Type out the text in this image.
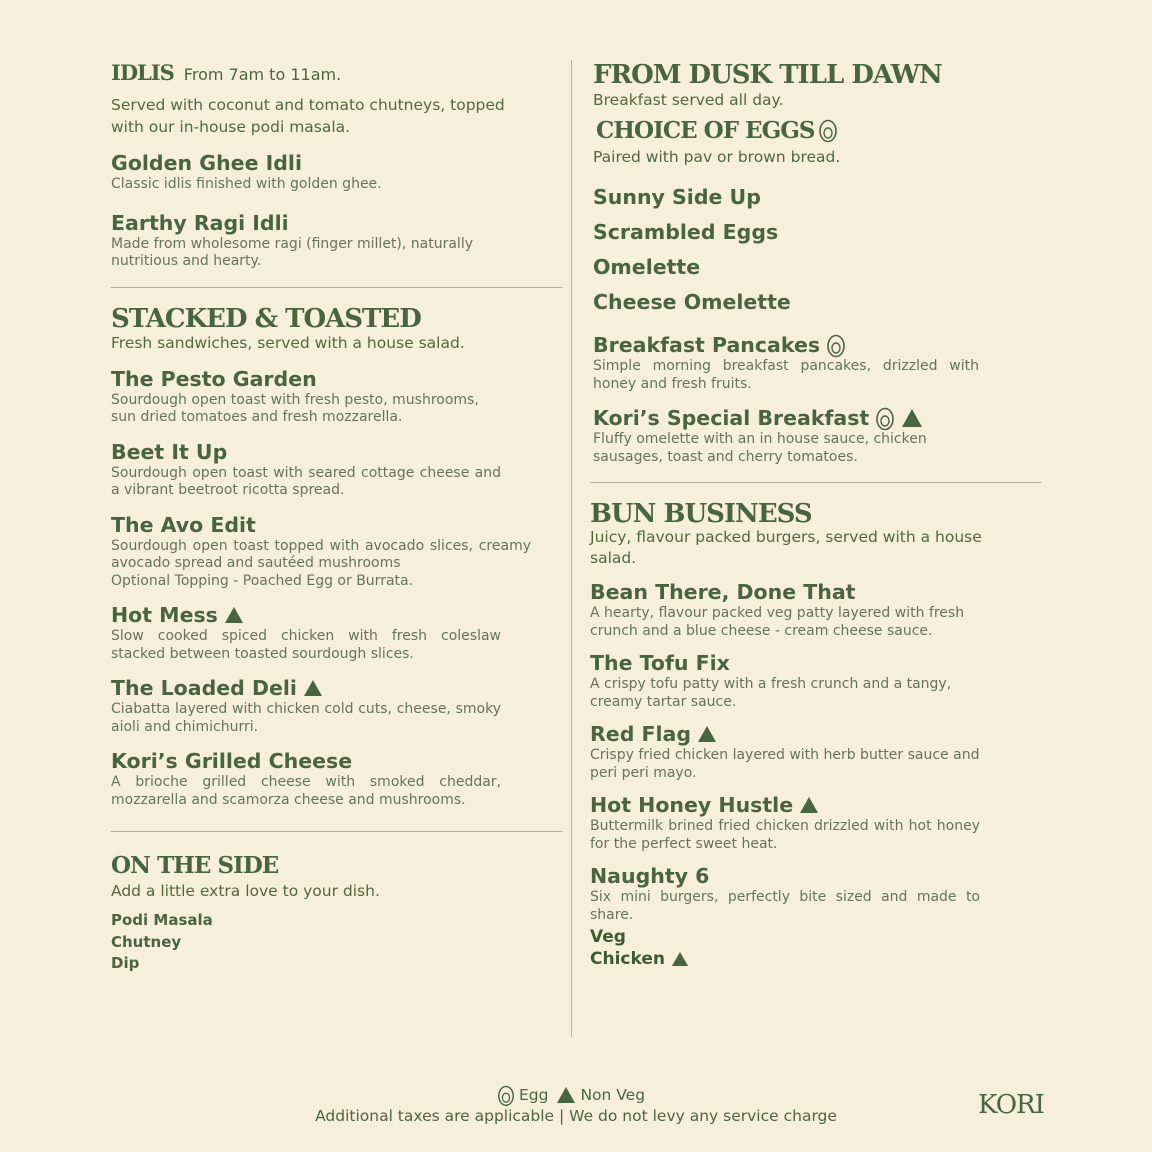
IDLIS From 7am to 11am.
Served with coconut and tomato chutneys, topped with our in-house podi masala.
Golden Ghee Idli
Classic idlis finished with golden ghee.
Earthy Ragi Idli
Made from wholesome ragi (finger millet), naturally nutritious and hearty.
STACKED & TOASTED
Fresh sandwiches, served with a house salad.
The Pesto Garden
Sourdough open toast with fresh pesto, mushrooms, sun dried tomatoes and fresh mozzarella.
Beet It Up
Sourdough open toast with seared cottage cheese and a vibrant beetroot ricotta spread.
The Avo Edit
Sourdough open toast topped with avocado slices, creamy avocado spread and sautéed mushrooms
Optional Topping - Poached Egg or Burrata.
Hot Mess
Slow cooked spiced chicken with fresh coleslaw stacked between toasted sourdough slices.
The Loaded Deli
Ciabatta layered with chicken cold cuts, cheese, smoky aioli and chimichurri.
Kori’s Grilled Cheese
A brioche grilled cheese with smoked cheddar, mozzarella and scamorza cheese and mushrooms.
ON THE SIDE
Add a little extra love to your dish.
Podi Masala
Chutney
Dip
FROM DUSK TILL DAWN
Breakfast served all day.
CHOICE OF EGGS
Paired with pav or brown bread.
Sunny Side Up
Scrambled Eggs
Omelette
Cheese Omelette
Breakfast Pancakes
Simple morning breakfast pancakes, drizzled with honey and fresh fruits.
Kori’s Special Breakfast
Fluffy omelette with an in house sauce, chicken sausages, toast and cherry tomatoes.
BUN BUSINESS
Juicy, flavour packed burgers, served with a house salad.
Bean There, Done That
A hearty, flavour packed veg patty layered with fresh crunch and a blue cheese - cream cheese sauce.
The Tofu Fix
A crispy tofu patty with a fresh crunch and a tangy, creamy tartar sauce.
Red Flag
Crispy fried chicken layered with herb butter sauce and peri peri mayo.
Hot Honey Hustle
Buttermilk brined fried chicken drizzled with hot honey for the perfect sweet heat.
Naughty 6
Six mini burgers, perfectly bite sized and made to share.
Veg
Chicken
Egg Non Veg
Additional taxes are applicable | We do not levy any service charge	KORI
